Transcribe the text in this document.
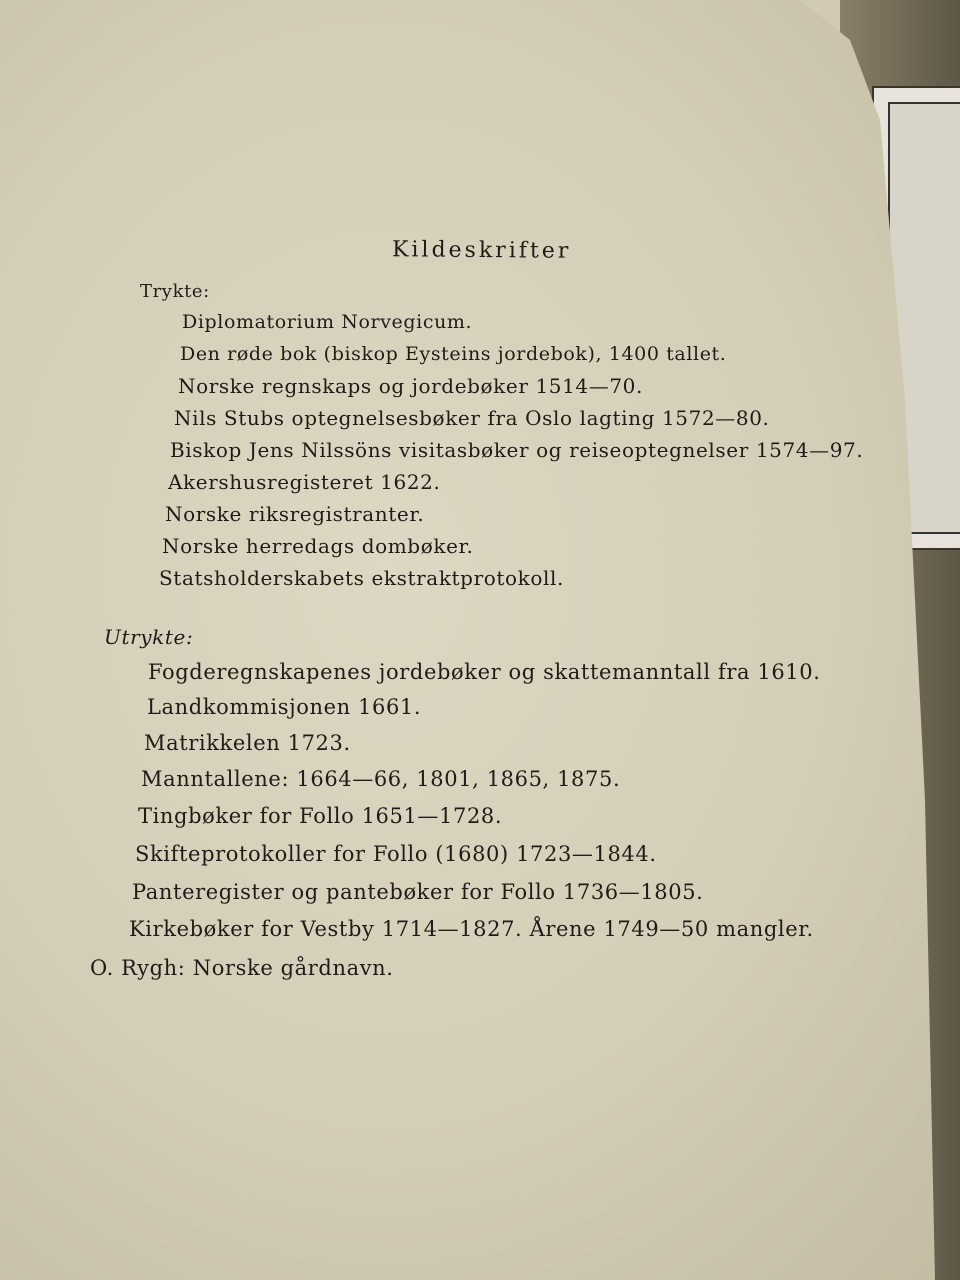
Kildeskrifter
Trykte:
Diplomatorium Norvegicum.
Den røde bok (biskop Eysteins jordebok), 1400 tallet.
Norske regnskaps og jordebøker 1514—70.
Nils Stubs optegnelsesbøker fra Oslo lagting 1572—80.
Biskop Jens Nilssöns visitasbøker og reiseoptegnelser 1574—97.
Akershusregisteret 1622.
Norske riksregistranter.
Norske herredags dombøker.
Statsholderskabets ekstraktprotokoll.
Utrykte:
Fogderegnskapenes jordebøker og skattemanntall fra 1610.
Landkommisjonen 1661.
Matrikkelen 1723.
Manntallene: 1664—66, 1801, 1865, 1875.
Tingbøker for Follo 1651—1728.
Skifteprotokoller for Follo (1680) 1723—1844.
Panteregister og pantebøker for Follo 1736—1805.
Kirkebøker for Vestby 1714—1827. Årene 1749—50 mangler.
O. Rygh: Norske gårdnavn.
